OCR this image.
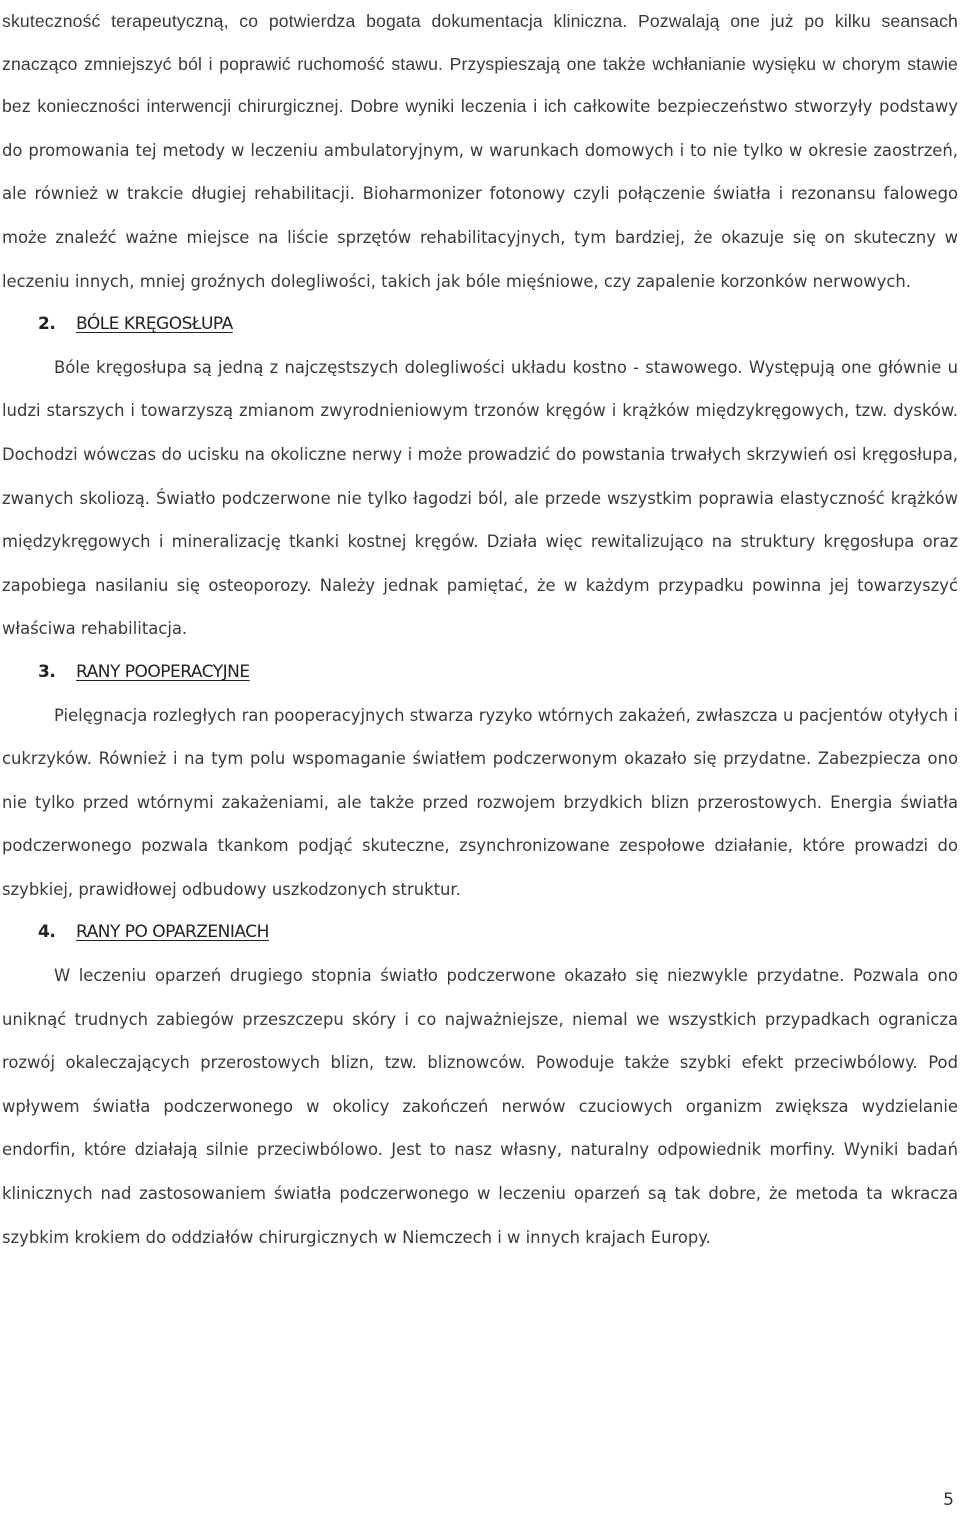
skuteczność terapeutyczną, co potwierdza bogata dokumentacja kliniczna. Pozwalają one już po kilku seansach znacząco zmniejszyć ból i poprawić ruchomość stawu. Przyspieszają one także wchłanianie wysięku w chorym stawie bez konieczności interwencji chirurgicznej. Dobre wyniki leczenia i ich całkowite bezpieczeństwo stworzyły podstawy do promowania tej metody w leczeniu ambulatoryjnym, w warunkach domowych i to nie tylko w okresie zaostrzeń, ale również w trakcie długiej rehabilitacji. Bioharmonizer fotonowy czyli połączenie światła i rezonansu falowego może znaleźć ważne miejsce na liście sprzętów rehabilitacyjnych, tym bardziej, że okazuje się on skuteczny w leczeniu innych, mniej groźnych dolegliwości, takich jak bóle mięśniowe, czy zapalenie korzonków nerwowych.

2. BÓLE KRĘGOSŁUPA

Bóle kręgosłupa są jedną z najczęstszych dolegliwości układu kostno - stawowego. Występują one głównie u ludzi starszych i towarzyszą zmianom zwyrodnieniowym trzonów kręgów i krążków międzykręgowych, tzw. dysków. Dochodzi wówczas do ucisku na okoliczne nerwy i może prowadzić do powstania trwałych skrzywień osi kręgosłupa, zwanych skoliozą. Światło podczerwone nie tylko łagodzi ból, ale przede wszystkim poprawia elastyczność krążków międzykręgowych i mineralizację tkanki kostnej kręgów. Działa więc rewitalizująco na struktury kręgosłupa oraz zapobiega nasilaniu się osteoporozy. Należy jednak pamiętać, że w każdym przypadku powinna jej towarzyszyć właściwa rehabilitacja.

3. RANY POOPERACYJNE

Pielęgnacja rozległych ran pooperacyjnych stwarza ryzyko wtórnych zakażeń, zwłaszcza u pacjentów otyłych i cukrzyków. Również i na tym polu wspomaganie światłem podczerwonym okazało się przydatne. Zabezpiecza ono nie tylko przed wtórnymi zakażeniami, ale także przed rozwojem brzydkich blizn przerostowych. Energia światła podczerwonego pozwala tkankom podjąć skuteczne, zsynchronizowane zespołowe działanie, które prowadzi do szybkiej, prawidłowej odbudowy uszkodzonych struktur.

4. RANY PO OPARZENIACH

W leczeniu oparzeń drugiego stopnia światło podczerwone okazało się niezwykle przydatne. Pozwala ono uniknąć trudnych zabiegów przeszczepu skóry i co najważniejsze, niemal we wszystkich przypadkach ogranicza rozwój okaleczających przerostowych blizn, tzw. bliznowców. Powoduje także szybki efekt przeciwbólowy. Pod wpływem światła podczerwonego w okolicy zakończeń nerwów czuciowych organizm zwiększa wydzielanie endorfin, które działają silnie przeciwbólowo. Jest to nasz własny, naturalny odpowiednik morfiny. Wyniki badań klinicznych nad zastosowaniem światła podczerwonego w leczeniu oparzeń są tak dobre, że metoda ta wkracza szybkim krokiem do oddziałów chirurgicznych w Niemczech i w innych krajach Europy.

5
